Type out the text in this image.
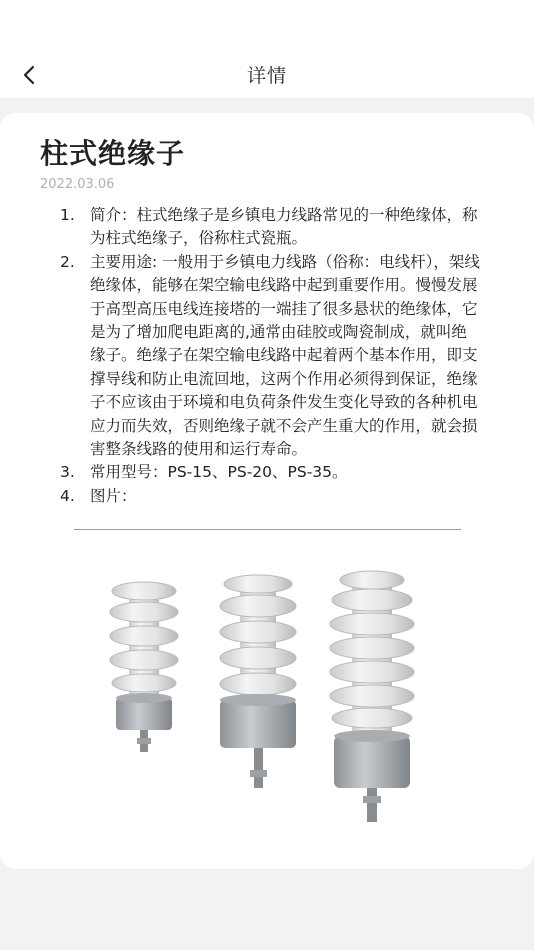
详情
柱式绝缘子
2022.03.06
1. 简介：柱式绝缘子是乡镇电力线路常见的一种绝缘体，称为柱式绝缘子，俗称柱式瓷瓶。
2. 主要用途: 一般用于乡镇电力线路（俗称：电线杆），架线绝缘体，能够在架空输电线路中起到重要作用。慢慢发展于高型高压电线连接塔的一端挂了很多悬状的绝缘体，它是为了增加爬电距离的,通常由硅胶或陶瓷制成，就叫绝缘子。绝缘子在架空输电线路中起着两个基本作用，即支撑导线和防止电流回地，这两个作用必须得到保证，绝缘子不应该由于环境和电负荷条件发生变化导致的各种机电应力而失效，否则绝缘子就不会产生重大的作用，就会损害整条线路的使用和运行寿命。
3. 常用型号：PS-15、PS-20、PS-35。
4. 图片：
